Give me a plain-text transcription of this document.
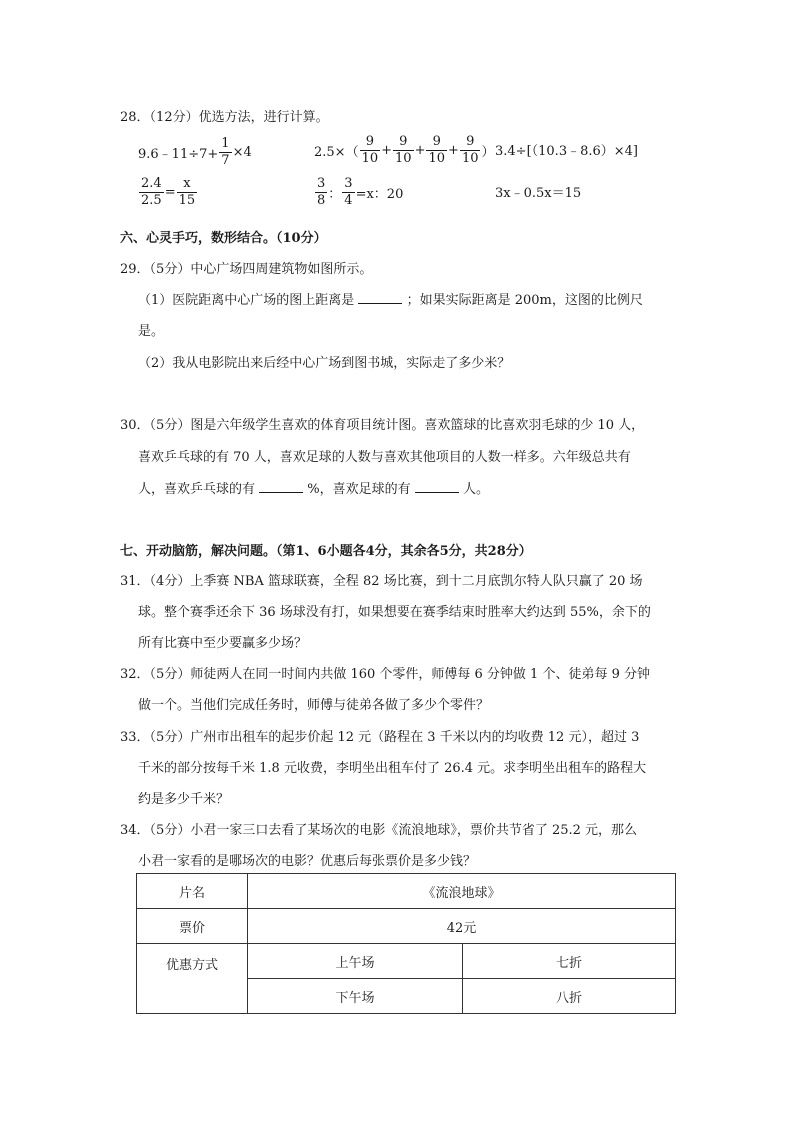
28．（12分）优选方法，进行计算。
9.6﹣11÷7+ $\frac{1}{7} \times 4$	$2.5\times( \frac{9}{10} + \frac{9}{10} + \frac{9}{10} + \frac{9}{10}$ ） 3.4÷[（10.3﹣8.6）×4]
$\frac{2.4}{2.5} = \frac{x}{15}$	$\frac{3}{8}$ ： $\frac{3}{4} =x$：20	3x﹣0.5x＝15
六、心灵手巧，数形结合。（10分）
29．（5分）中心广场四周建筑物如图所示。
（1）医院距离中心广场的图上距离是	；如果实际距离是 200m，这图的比例尺
是。
（2）我从电影院出来后经中心广场到图书城，实际走了多少米？
30．（5分）图是六年级学生喜欢的体育项目统计图。喜欢篮球的比喜欢羽毛球的少 10 人，
喜欢乒乓球的有 70 人，喜欢足球的人数与喜欢其他项目的人数一样多。六年级总共有
人，喜欢乒乓球的有	%，喜欢足球的有	人。
七、开动脑筋，解决问题。（第1、6小题各4分，其余各5分，共28分）
31．（4分）上季赛 NBA 篮球联赛，全程 82 场比赛，到十二月底凯尔特人队只赢了 20 场
球。整个赛季还余下 36 场球没有打，如果想要在赛季结束时胜率大约达到 55%，余下的
所有比赛中至少要赢多少场？
32．（5分）师徒两人在同一时间内共做 160 个零件，师傅每 6 分钟做 1 个、徒弟每 9 分钟
做一个。当他们完成任务时，师傅与徒弟各做了多少个零件？
33．（5分）广州市出租车的起步价起 12 元（路程在 3 千米以内的均收费 12 元），超过 3
千米的部分按每千米 1.8 元收费，李明坐出租车付了 26.4 元。求李明坐出租车的路程大
约是多少千米？
34．（5分）小君一家三口去看了某场次的电影《流浪地球》，票价共节省了 25.2 元，那么
小君一家看的是哪场次的电影？优惠后每张票价是多少钱？
片名	《流浪地球》	
票价	42元	
优惠方式	上午场	七折
	下午场	八折
